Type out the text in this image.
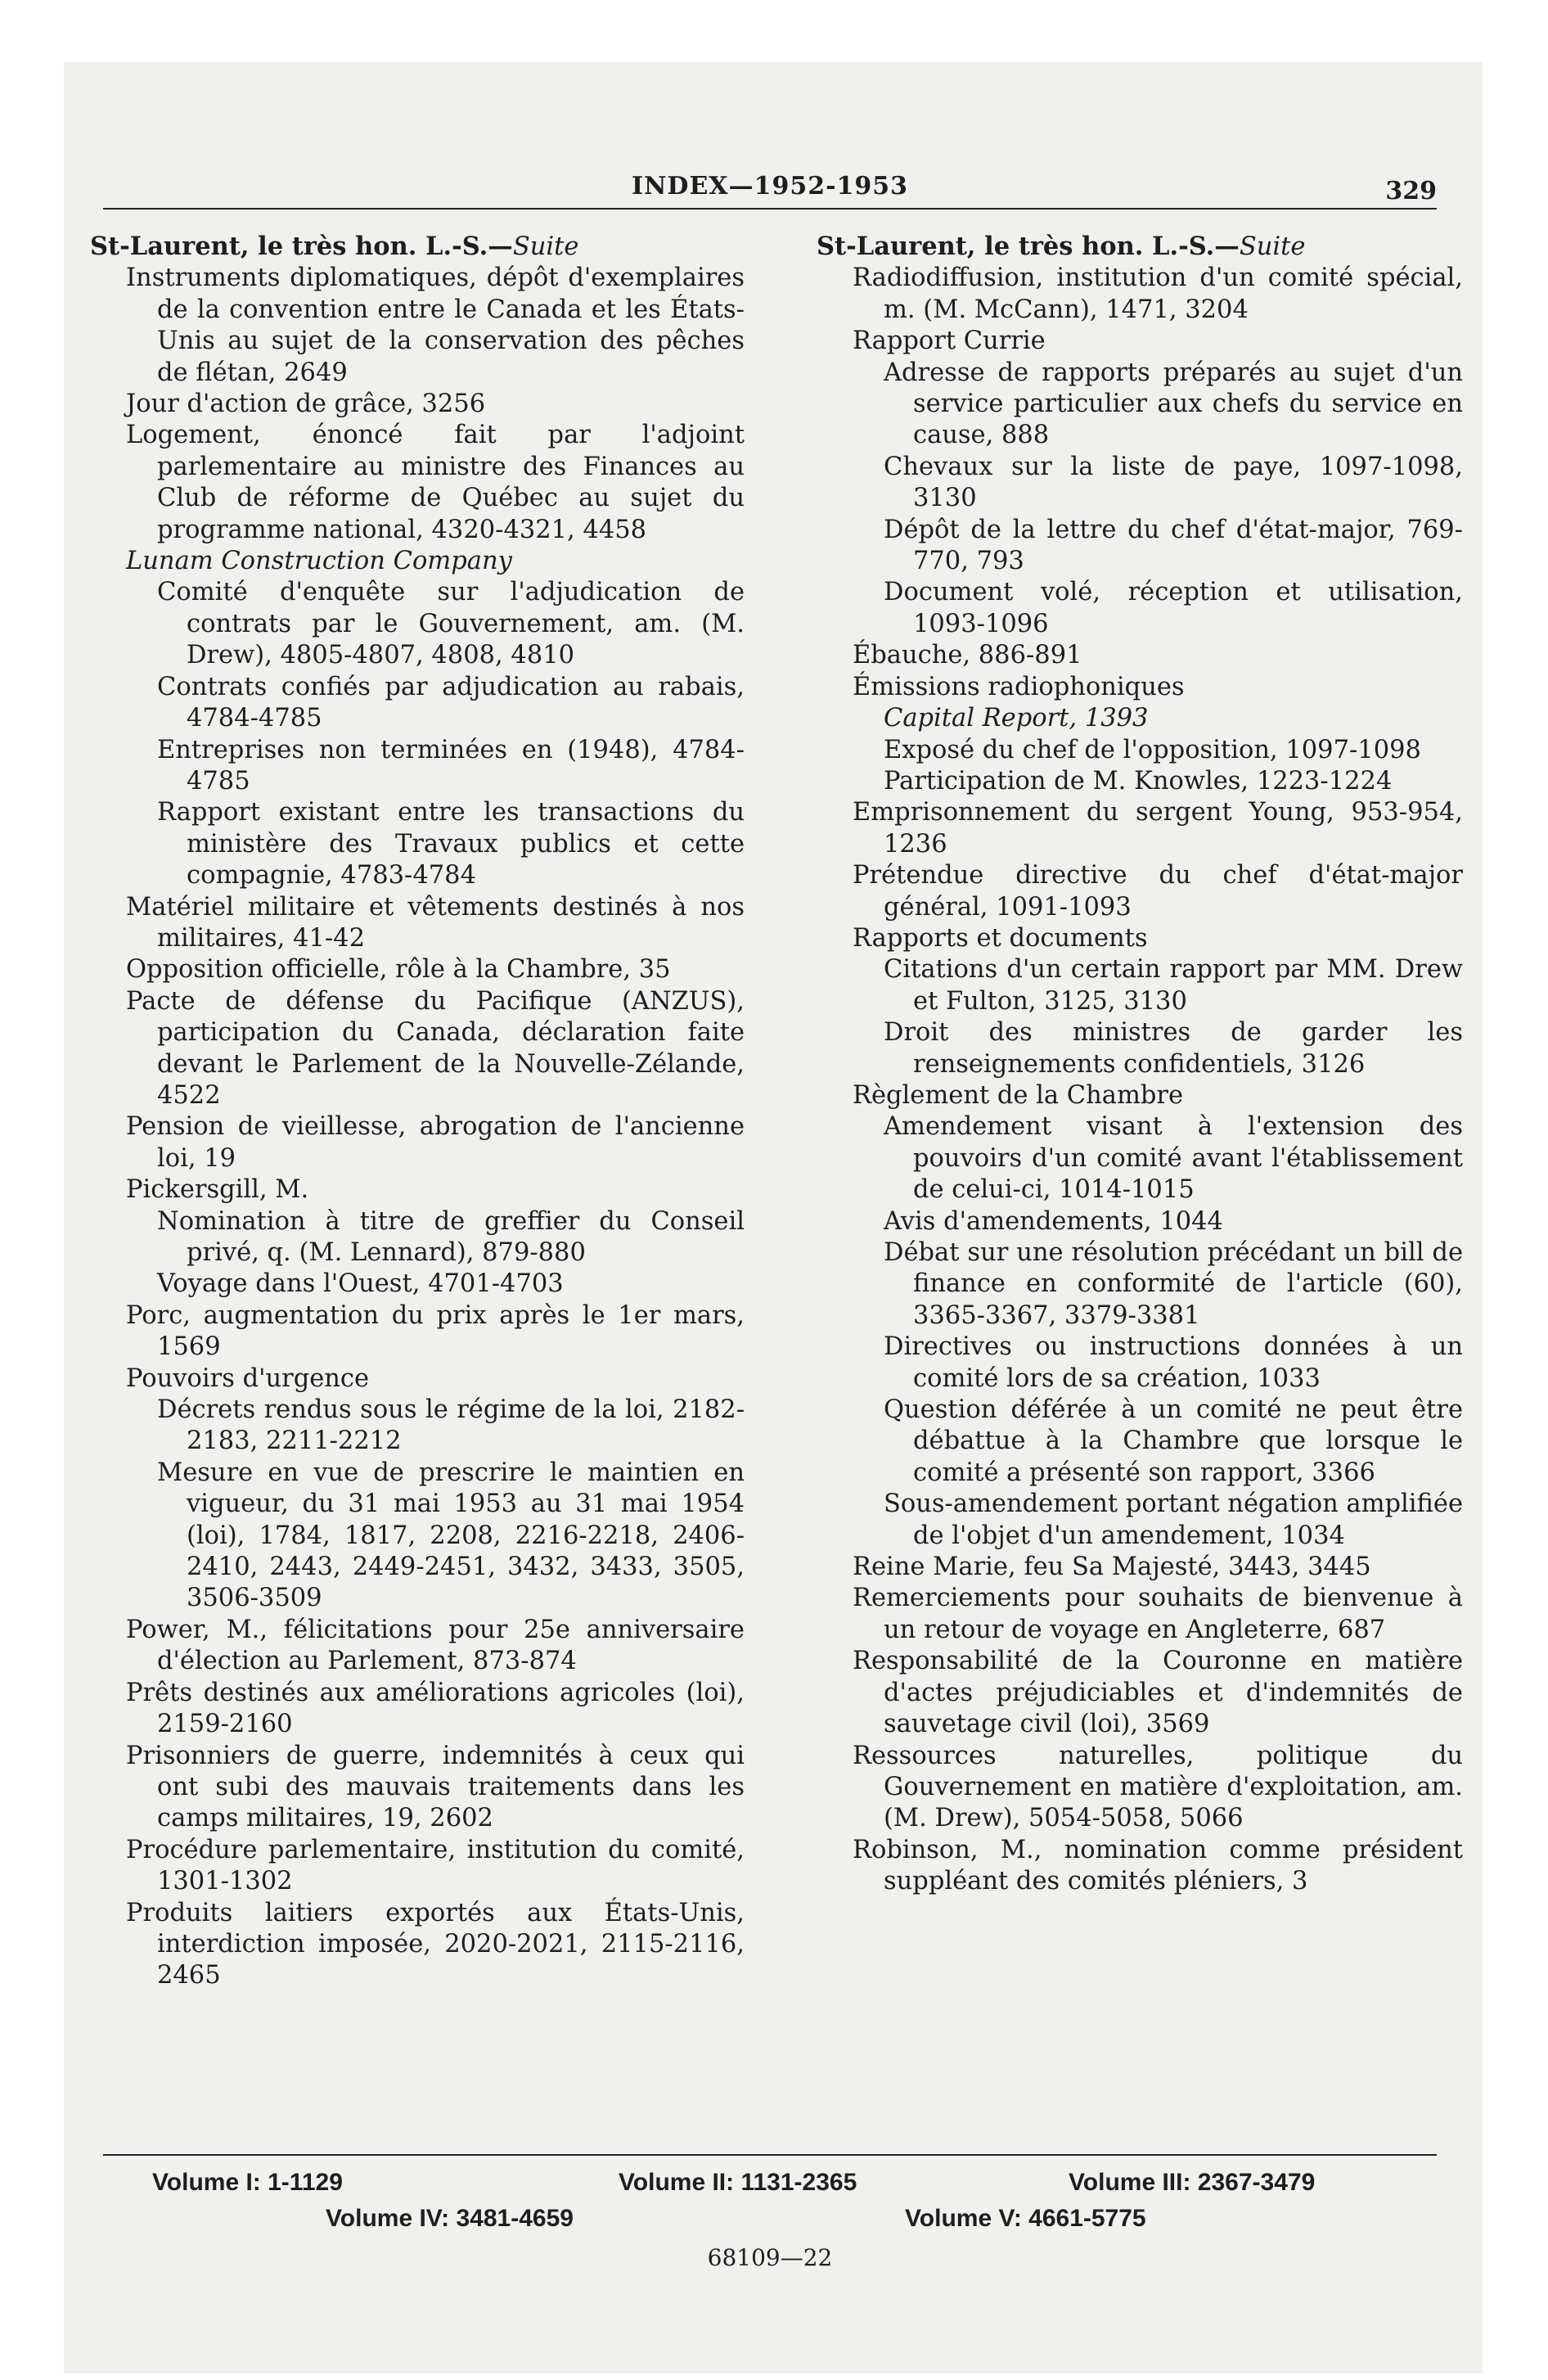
INDEX—1952-1953	329
St-Laurent, le très hon. L.-S.—Suite
Instruments diplomatiques, dépôt d'exemplaires de la convention entre le Canada et les États-Unis au sujet de la conservation des pêches de flétan, 2649
Jour d'action de grâce, 3256
Logement, énoncé fait par l'adjoint parlementaire au ministre des Finances au Club de réforme de Québec au sujet du programme national, 4320-4321, 4458
Lunam Construction Company
Comité d'enquête sur l'adjudication de contrats par le Gouvernement, am. (M. Drew), 4805-4807, 4808, 4810
Contrats confiés par adjudication au rabais, 4784-4785
Entreprises non terminées en (1948), 4784-4785
Rapport existant entre les transactions du ministère des Travaux publics et cette compagnie, 4783-4784
Matériel militaire et vêtements destinés à nos militaires, 41-42
Opposition officielle, rôle à la Chambre, 35
Pacte de défense du Pacifique (ANZUS), participation du Canada, déclaration faite devant le Parlement de la Nouvelle-Zélande, 4522
Pension de vieillesse, abrogation de l'ancienne loi, 19
Pickersgill, M.
Nomination à titre de greffier du Conseil privé, q. (M. Lennard), 879-880
Voyage dans l'Ouest, 4701-4703
Porc, augmentation du prix après le 1er mars, 1569
Pouvoirs d'urgence
Décrets rendus sous le régime de la loi, 2182-2183, 2211-2212
Mesure en vue de prescrire le maintien en vigueur, du 31 mai 1953 au 31 mai 1954 (loi), 1784, 1817, 2208, 2216-2218, 2406-2410, 2443, 2449-2451, 3432, 3433, 3505, 3506-3509
Power, M., félicitations pour 25e anniversaire d'élection au Parlement, 873-874
Prêts destinés aux améliorations agricoles (loi), 2159-2160
Prisonniers de guerre, indemnités à ceux qui ont subi des mauvais traitements dans les camps militaires, 19, 2602
Procédure parlementaire, institution du comité, 1301-1302
Produits laitiers exportés aux États-Unis, interdiction imposée, 2020-2021, 2115-2116, 2465
St-Laurent, le très hon. L.-S.—Suite
Radiodiffusion, institution d'un comité spécial, m. (M. McCann), 1471, 3204
Rapport Currie
Adresse de rapports préparés au sujet d'un service particulier aux chefs du service en cause, 888
Chevaux sur la liste de paye, 1097-1098, 3130
Dépôt de la lettre du chef d'état-major, 769-770, 793
Document volé, réception et utilisation, 1093-1096
Ébauche, 886-891
Émissions radiophoniques
Capital Report, 1393
Exposé du chef de l'opposition, 1097-1098
Participation de M. Knowles, 1223-1224
Emprisonnement du sergent Young, 953-954, 1236
Prétendue directive du chef d'état-major général, 1091-1093
Rapports et documents
Citations d'un certain rapport par MM. Drew et Fulton, 3125, 3130
Droit des ministres de garder les renseignements confidentiels, 3126
Règlement de la Chambre
Amendement visant à l'extension des pouvoirs d'un comité avant l'établissement de celui-ci, 1014-1015
Avis d'amendements, 1044
Débat sur une résolution précédant un bill de finance en conformité de l'article (60), 3365-3367, 3379-3381
Directives ou instructions données à un comité lors de sa création, 1033
Question déférée à un comité ne peut être débattue à la Chambre que lorsque le comité a présenté son rapport, 3366
Sous-amendement portant négation amplifiée de l'objet d'un amendement, 1034
Reine Marie, feu Sa Majesté, 3443, 3445
Remerciements pour souhaits de bienvenue à un retour de voyage en Angleterre, 687
Responsabilité de la Couronne en matière d'actes préjudiciables et d'indemnités de sauvetage civil (loi), 3569
Ressources naturelles, politique du Gouvernement en matière d'exploitation, am. (M. Drew), 5054-5058, 5066
Robinson, M., nomination comme président suppléant des comités pléniers, 3
Volume I: 1-1129	Volume II: 1131-2365	Volume III: 2367-3479
Volume IV: 3481-4659	Volume V: 4661-5775
68109—22
